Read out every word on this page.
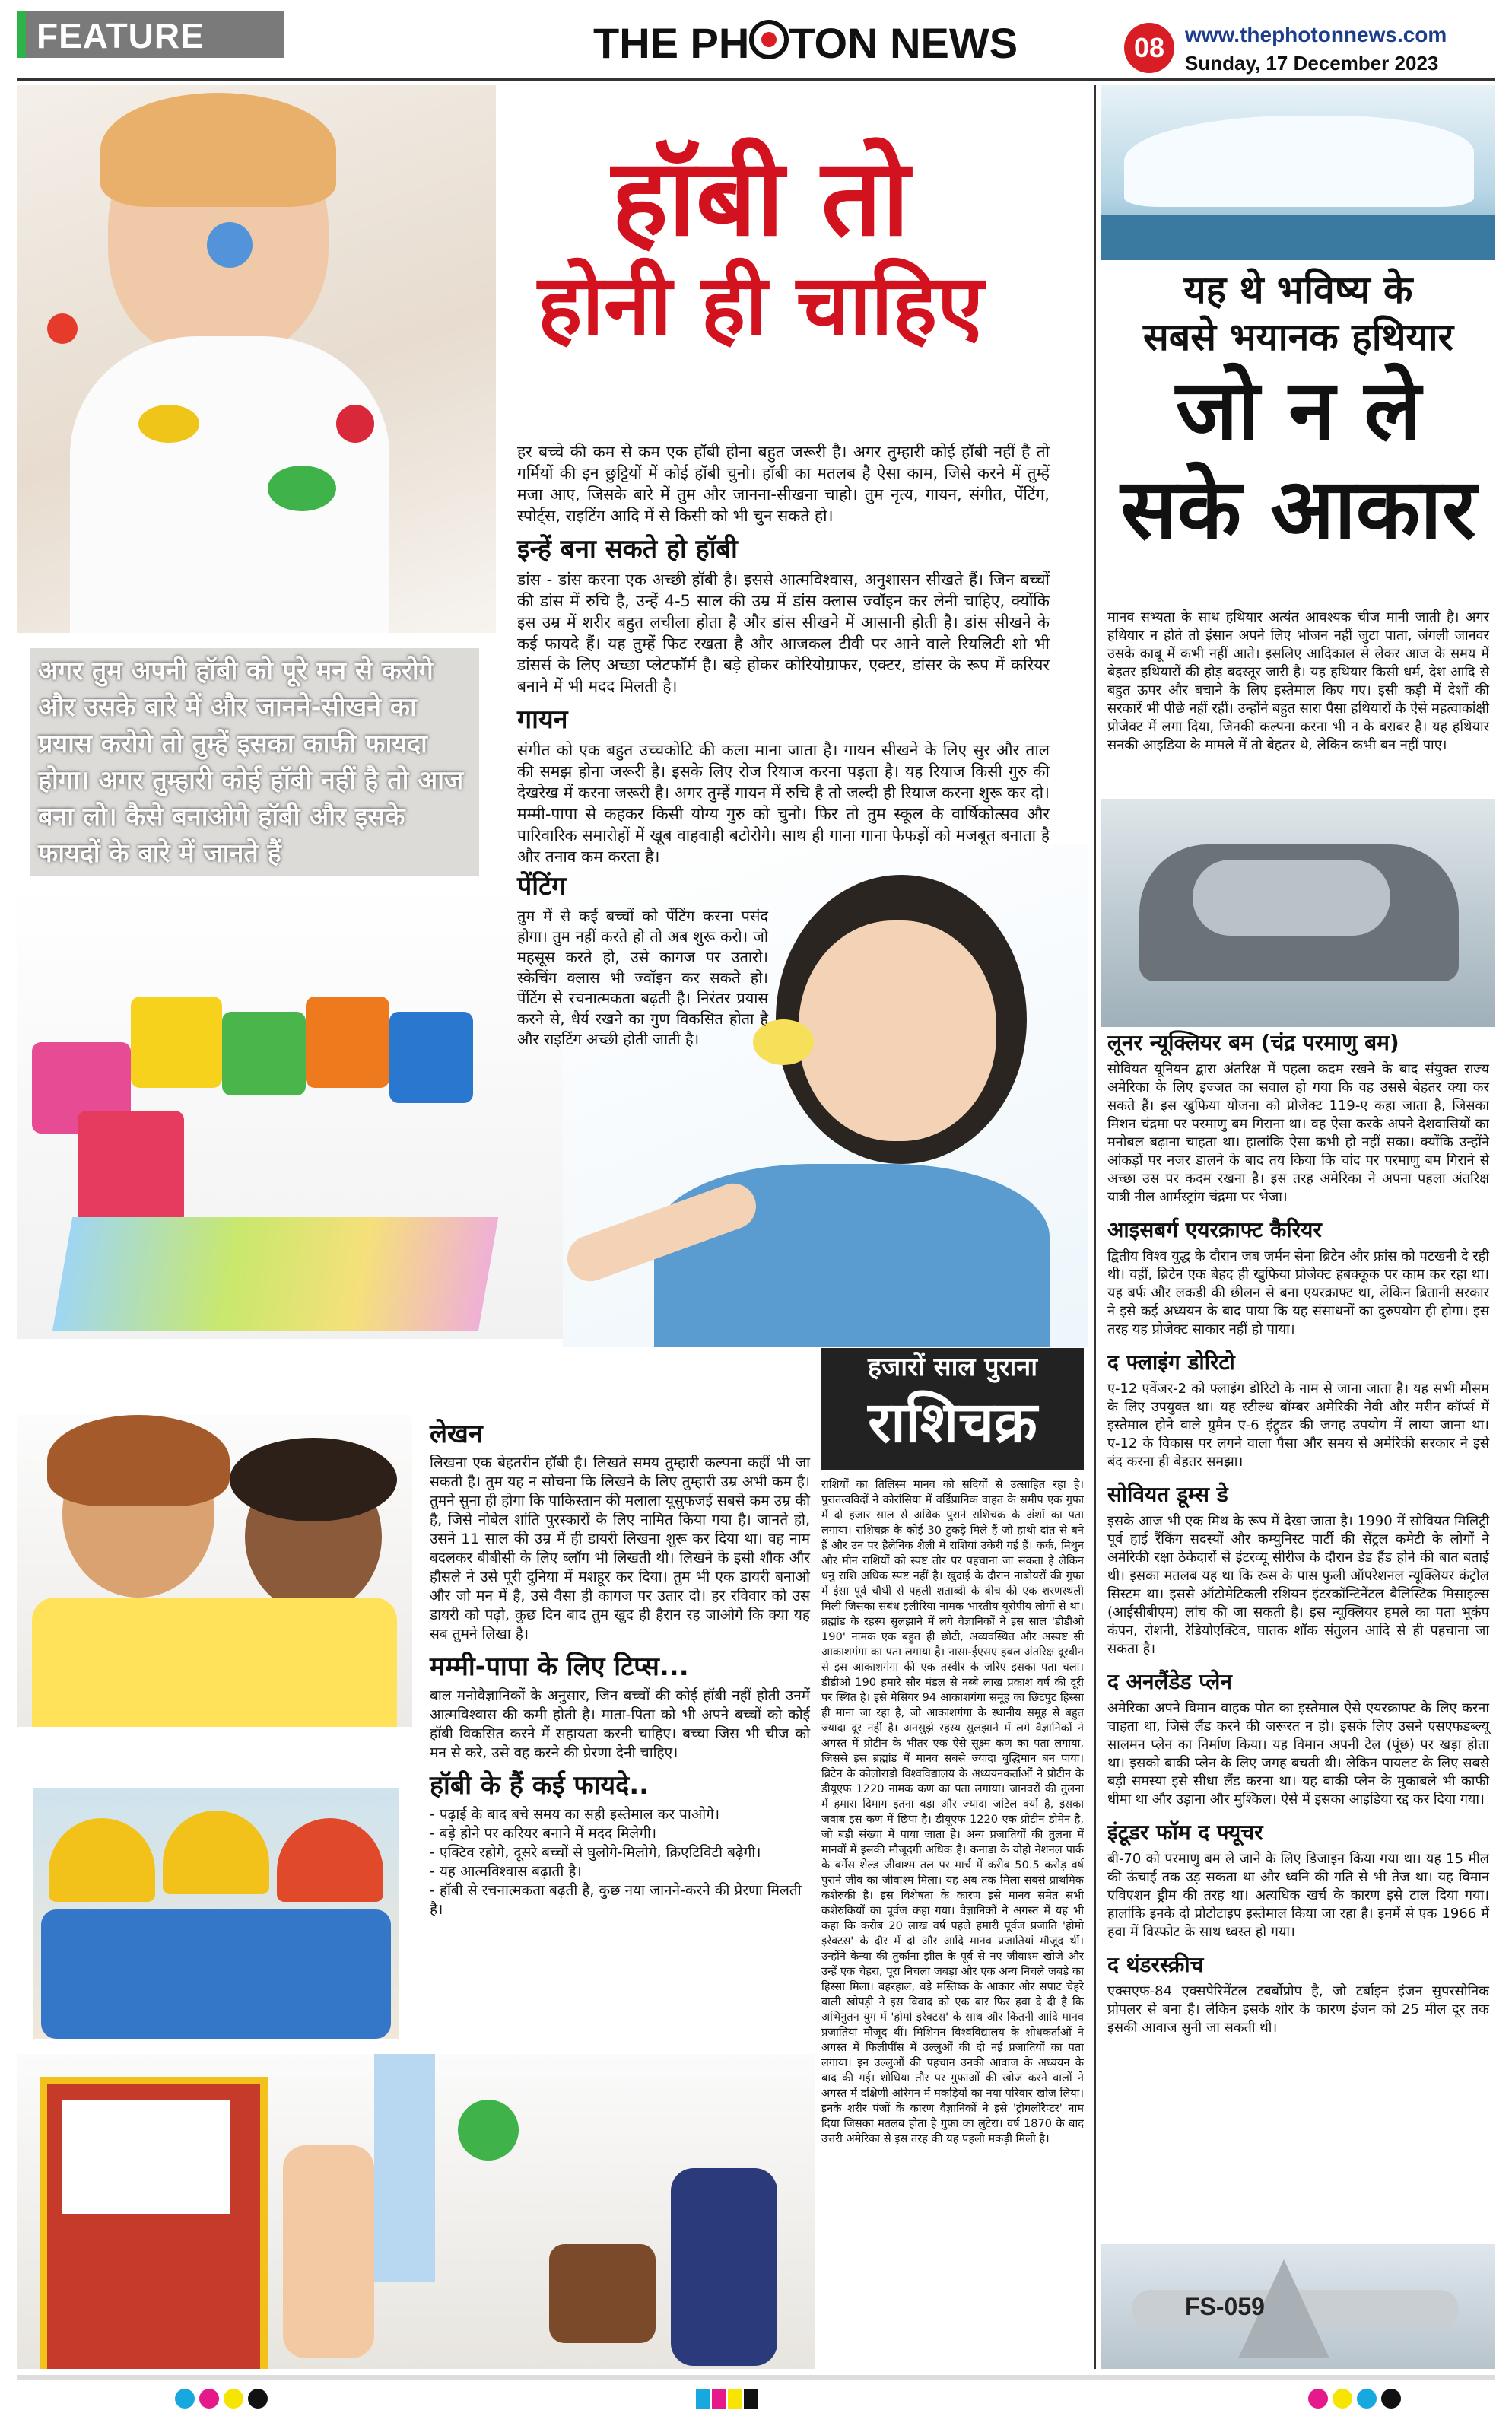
FEATURE	THE PH TON NEWS	08 www.thephotonnews.com
Sunday, 17 December 2023
हॉबी तो
होनी ही चाहिए
अगर तुम अपनी हॉबी को पूरे मन से करोगे और उसके बारे में और जानने-सीखने का प्रयास करोगे तो तुम्हें इसका काफी फायदा होगा। अगर तुम्हारी कोई हॉबी नहीं है तो आज बना लो। कैसे बनाओगे हॉबी और इसके फायदों के बारे में जानते हैं

हर बच्चे की कम से कम एक हॉबी होना बहुत जरूरी है। अगर तुम्हारी कोई हॉबी नहीं है तो गर्मियों की इन छुट्टियों में कोई हॉबी चुनो। हॉबी का मतलब है ऐसा काम, जिसे करने में तुम्हें मजा आए, जिसके बारे में तुम और जानना-सीखना चाहो। तुम नृत्य, गायन, संगीत, पेंटिंग, स्पोर्ट्स, राइटिंग आदि में से किसी को भी चुन सकते हो।

इन्हें बना सकते हो हॉबी

डांस - डांस करना एक अच्छी हॉबी है। इससे आत्मविश्वास, अनुशासन सीखते हैं। जिन बच्चों की डांस में रुचि है, उन्हें 4-5 साल की उम्र में डांस क्लास ज्वॉइन कर लेनी चाहिए, क्योंकि इस उम्र में शरीर बहुत लचीला होता है और डांस सीखने में आसानी होती है। डांस सीखने के कई फायदे हैं। यह तुम्हें फिट रखता है और आजकल टीवी पर आने वाले रियलिटी शो भी डांसर्स के लिए अच्छा प्लेटफॉर्म है। बड़े होकर कोरियोग्राफर, एक्टर, डांसर के रूप में करियर बनाने में भी मदद मिलती है।

गायन

संगीत को एक बहुत उच्चकोटि की कला माना जाता है। गायन सीखने के लिए सुर और ताल की समझ होना जरूरी है। इसके लिए रोज रियाज करना पड़ता है। यह रियाज किसी गुरु की देखरेख में करना जरूरी है। अगर तुम्हें गायन में रुचि है तो जल्दी ही रियाज करना शुरू कर दो। मम्मी-पापा से कहकर किसी योग्य गुरु को चुनो। फिर तो तुम स्कूल के वार्षिकोत्सव और पारिवारिक समारोहों में खूब वाहवाही बटोरोगे। साथ ही गाना गाना फेफड़ों को मजबूत बनाता है और तनाव कम करता है।

पेंटिंग

तुम में से कई बच्चों को पेंटिंग करना पसंद होगा। तुम नहीं करते हो तो अब शुरू करो। जो महसूस करते हो, उसे कागज पर उतारो। स्केचिंग क्लास भी ज्वॉइन कर सकते हो। पेंटिंग से रचनात्मकता बढ़ती है। निरंतर प्रयास करने से, धैर्य रखने का गुण विकसित होता है और राइटिंग अच्छी होती जाती है।

लेखन

लिखना एक बेहतरीन हॉबी है। लिखते समय तुम्हारी कल्पना कहीं भी जा सकती है। तुम यह न सोचना कि लिखने के लिए तुम्हारी उम्र अभी कम है। तुमने सुना ही होगा कि पाकिस्तान की मलाला यूसुफजई सबसे कम उम्र की है, जिसे नोबेल शांति पुरस्कारों के लिए नामित किया गया है। जानते हो, उसने 11 साल की उम्र में ही डायरी लिखना शुरू कर दिया था। वह नाम बदलकर बीबीसी के लिए ब्लॉग भी लिखती थी। लिखने के इसी शौक और हौसले ने उसे पूरी दुनिया में मशहूर कर दिया। तुम भी एक डायरी बनाओ और जो मन में है, उसे वैसा ही कागज पर उतार दो। हर रविवार को उस डायरी को पढ़ो, कुछ दिन बाद तुम खुद ही हैरान रह जाओगे कि क्या यह सब तुमने लिखा है।

मम्मी-पापा के लिए टिप्स...

बाल मनोवैज्ञानिकों के अनुसार, जिन बच्चों की कोई हॉबी नहीं होती उनमें आत्मविश्वास की कमी होती है। माता-पिता को भी अपने बच्चों को कोई हॉबी विकसित करने में सहायता करनी चाहिए। बच्चा जिस भी चीज को मन से करे, उसे वह करने की प्रेरणा देनी चाहिए।

हॉबी के हैं कई फायदे..
- पढ़ाई के बाद बचे समय का सही इस्तेमाल कर पाओगे।
- बड़े होने पर करियर बनाने में मदद मिलेगी।
- एक्टिव रहोगे, दूसरे बच्चों से घुलोगे-मिलोगे, क्रिएटिविटी बढ़ेगी।
- यह आत्मविश्वास बढ़ाती है।
- हॉबी से रचनात्मकता बढ़ती है, कुछ नया जानने-करने की प्रेरणा मिलती है।
हजारों साल पुराना
राशिचक्र

राशियों का तिलिस्म मानव को सदियों से उत्साहित रहा है। पुरातत्वविदों ने कोरांसिया में वर्डिप्रानिक वाहत के समीप एक गुफा में दो हजार साल से अधिक पुराने राशिचक्र के अंशों का पता लगाया। राशिचक्र के कोई 30 टुकड़े मिले हैं जो हाथी दांत से बने हैं और उन पर हैलेनिक शैली में राशियां उकेरी गई हैं। कर्क, मिथुन और मीन राशियों को स्पष्ट तौर पर पहचाना जा सकता है लेकिन धनु राशि अधिक स्पष्ट नहीं है। खुदाई के दौरान नाबोयरों की गुफा में ईसा पूर्व चौथी से पहली शताब्दी के बीच की एक शरणस्थली मिली जिसका संबंध इलीरिया नामक भारतीय यूरोपीय लोगों से था। ब्रह्मांड के रहस्य सुलझाने में लगे वैज्ञानिकों ने इस साल 'डीडीओ 190' नामक एक बहुत ही छोटी, अव्यवस्थित और अस्पष्ट सी आकाशगंगा का पता लगाया है। नासा-ईएसए हबल अंतरिक्ष दूरबीन से इस आकाशगंगा की एक तस्वीर के जरिए इसका पता चला। डीडीओ 190 हमारे सौर मंडल से नब्बे लाख प्रकाश वर्ष की दूरी पर स्थित है। इसे मेसियर 94 आकाशगंगा समूह का छिटपुट हिस्सा ही माना जा रहा है, जो आकाशगंगा के स्थानीय समूह से बहुत ज्यादा दूर नहीं है। अनसुझे रहस्य सुलझाने में लगे वैज्ञानिकों ने अगस्त में प्रोटीन के भीतर एक ऐसे सूक्ष्म कण का पता लगाया, जिससे इस ब्रह्मांड में मानव सबसे ज्यादा बुद्धिमान बन पाया। ब्रिटेन के कोलोराडो विश्वविद्यालय के अध्ययनकर्ताओं ने प्रोटीन के डीयूएफ 1220 नामक कण का पता लगाया। जानवरों की तुलना में हमारा दिमाग इतना बड़ा और ज्यादा जटिल क्यों है, इसका जवाब इस कण में छिपा है। डीयूएफ 1220 एक प्रोटीन डोमेन है, जो बड़ी संख्या में पाया जाता है। अन्य प्रजातियों की तुलना में मानवों में इसकी मौजूदगी अधिक है। कनाडा के योहो नेशनल पार्क के बर्गेस शेल्ड जीवाश्म तल पर मार्च में करीब 50.5 करोड़ वर्ष पुराने जीव का जीवाश्म मिला। यह अब तक मिला सबसे प्राथमिक कशेरुकी है। इस विशेषता के कारण इसे मानव समेत सभी कशेरुकियों का पूर्वज कहा गया। वैज्ञानिकों ने अगस्त में यह भी कहा कि करीब 20 लाख वर्ष पहले हमारी पूर्वज प्रजाति 'होमो इरेक्टस' के दौर में दो और आदि मानव प्रजातियां मौजूद थीं। उन्होंने केन्या की तुर्काना झील के पूर्व से नए जीवाश्म खोजे और उन्हें एक चेहरा, पूरा निचला जबड़ा और एक अन्य निचले जबड़े का हिस्सा मिला। बहरहाल, बड़े मस्तिष्क के आकार और सपाट चेहरे वाली खोपड़ी ने इस विवाद को एक बार फिर हवा दे दी है कि अभिनुतन युग में 'होमो इरेक्टस' के साथ और कितनी आदि मानव प्रजातियां मौजूद थीं। मिशिगन विश्वविद्यालय के शोधकर्ताओं ने अगस्त में फिलीपींस में उल्लुओं की दो नई प्रजातियों का पता लगाया। इन उल्लुओं की पहचान उनकी आवाज के अध्ययन के बाद की गई। शोधिया तौर पर गुफाओं की खोज करने वालों ने अगस्त में दक्षिणी ओरेगन में मकड़ियों का नया परिवार खोज लिया। इनके शरीर पंजों के कारण वैज्ञानिकों ने इसे 'ट्रोगलोरैप्टर' नाम दिया जिसका मतलब होता है गुफा का लुटेरा। वर्ष 1870 के बाद उत्तरी अमेरिका से इस तरह की यह पहली मकड़ी मिली है।

यह थे भविष्य के
सबसे भयानक हथियार
जो न ले
सके आकार

मानव सभ्यता के साथ हथियार अत्यंत आवश्यक चीज मानी जाती है। अगर हथियार न होते तो इंसान अपने लिए भोजन नहीं जुटा पाता, जंगली जानवर उसके काबू में कभी नहीं आते। इसलिए आदिकाल से लेकर आज के समय में बेहतर हथियारों की होड़ बदस्तूर जारी है। यह हथियार किसी धर्म, देश आदि से बहुत ऊपर और बचाने के लिए इस्तेमाल किए गए। इसी कड़ी में देशों की सरकारें भी पीछे नहीं रहीं। उन्होंने बहुत सारा पैसा हथियारों के ऐसे महत्वाकांक्षी प्रोजेक्ट में लगा दिया, जिनकी कल्पना करना भी न के बराबर है। यह हथियार सनकी आइडिया के मामले में तो बेहतर थे, लेकिन कभी बन नहीं पाए।

लूनर न्यूक्लियर बम (चंद्र परमाणु बम)

सोवियत यूनियन द्वारा अंतरिक्ष में पहला कदम रखने के बाद संयुक्त राज्य अमेरिका के लिए इज्जत का सवाल हो गया कि वह उससे बेहतर क्या कर सकते हैं। इस खुफिया योजना को प्रोजेक्ट 119-ए कहा जाता है, जिसका मिशन चंद्रमा पर परमाणु बम गिराना था। वह ऐसा करके अपने देशवासियों का मनोबल बढ़ाना चाहता था। हालांकि ऐसा कभी हो नहीं सका। क्योंकि उन्होंने आंकड़ों पर नजर डालने के बाद तय किया कि चांद पर परमाणु बम गिराने से अच्छा उस पर कदम रखना है। इस तरह अमेरिका ने अपना पहला अंतरिक्ष यात्री नील आर्मस्ट्रांग चंद्रमा पर भेजा।

आइसबर्ग एयरक्राफ्ट कैरियर

द्वितीय विश्व युद्ध के दौरान जब जर्मन सेना ब्रिटेन और फ्रांस को पटखनी दे रही थी। वहीं, ब्रिटेन एक बेहद ही खुफिया प्रोजेक्ट हबक्कूक पर काम कर रहा था। यह बर्फ और लकड़ी की छीलन से बना एयरक्राफ्ट था, लेकिन ब्रितानी सरकार ने इसे कई अध्ययन के बाद पाया कि यह संसाधनों का दुरुपयोग ही होगा। इस तरह यह प्रोजेक्ट साकार नहीं हो पाया।

द फ्लाइंग डोरिटो

ए-12 एवेंजर-2 को फ्लाइंग डोरिटो के नाम से जाना जाता है। यह सभी मौसम के लिए उपयुक्त था। यह स्टील्थ बॉम्बर अमेरिकी नेवी और मरीन कॉर्प्स में इस्तेमाल होने वाले ग्रुमैन ए-6 इंट्रूडर की जगह उपयोग में लाया जाना था। ए-12 के विकास पर लगने वाला पैसा और समय से अमेरिकी सरकार ने इसे बंद करना ही बेहतर समझा।

सोवियत डूम्स डे

इसके आज भी एक मिथ के रूप में देखा जाता है। 1990 में सोवियत मिलिट्री पूर्व हाई रैंकिंग सदस्यों और कम्युनिस्ट पार्टी की सेंट्रल कमेटी के लोगों ने अमेरिकी रक्षा ठेकेदारों से इंटरव्यू सीरीज के दौरान डेड हैंड होने की बात बताई थी। इसका मतलब यह था कि रूस के पास फुली ऑपरेशनल न्यूक्लियर कंट्रोल सिस्टम था। इससे ऑटोमेटिकली रशियन इंटरकॉन्टिनेंटल बैलिस्टिक मिसाइल्स (आईसीबीएम) लांच की जा सकती है। इस न्यूक्लियर हमले का पता भूकंप कंपन, रोशनी, रेडियोएक्टिव, घातक शॉक संतुलन आदि से ही पहचाना जा सकता है।

द अनलैंडेड प्लेन

अमेरिका अपने विमान वाहक पोत का इस्तेमाल ऐसे एयरक्राफ्ट के लिए करना चाहता था, जिसे लैंड करने की जरूरत न हो। इसके लिए उसने एसएफडब्ल्यू सालमन प्लेन का निर्माण किया। यह विमान अपनी टेल (पूंछ) पर खड़ा होता था। इसको बाकी प्लेन के लिए जगह बचती थी। लेकिन पायलट के लिए सबसे बड़ी समस्या इसे सीधा लैंड करना था। यह बाकी प्लेन के मुकाबले भी काफी धीमा था और उड़ाना और मुश्किल। ऐसे में इसका आइडिया रद्द कर दिया गया।

इंटूडर फॉम द फ्यूचर

बी-70 को परमाणु बम ले जाने के लिए डिजाइन किया गया था। यह 15 मील की ऊंचाई तक उड़ सकता था और ध्वनि की गति से भी तेज था। यह विमान एविएशन ड्रीम की तरह था। अत्यधिक खर्च के कारण इसे टाल दिया गया। हालांकि इनके दो प्रोटोटाइप इस्तेमाल किया जा रहा है। इनमें से एक 1966 में हवा में विस्फोट के साथ ध्वस्त हो गया।

द थंडरस्क्रीच

एक्सएफ-84 एक्सपेरिमेंटल टबर्बोप्रोप है, जो टर्बाइन इंजन सुपरसोनिक प्रोपलर से बना है। लेकिन इसके शोर के कारण इंजन को 25 मील दूर तक इसकी आवाज सुनी जा सकती थी।

FS-059
